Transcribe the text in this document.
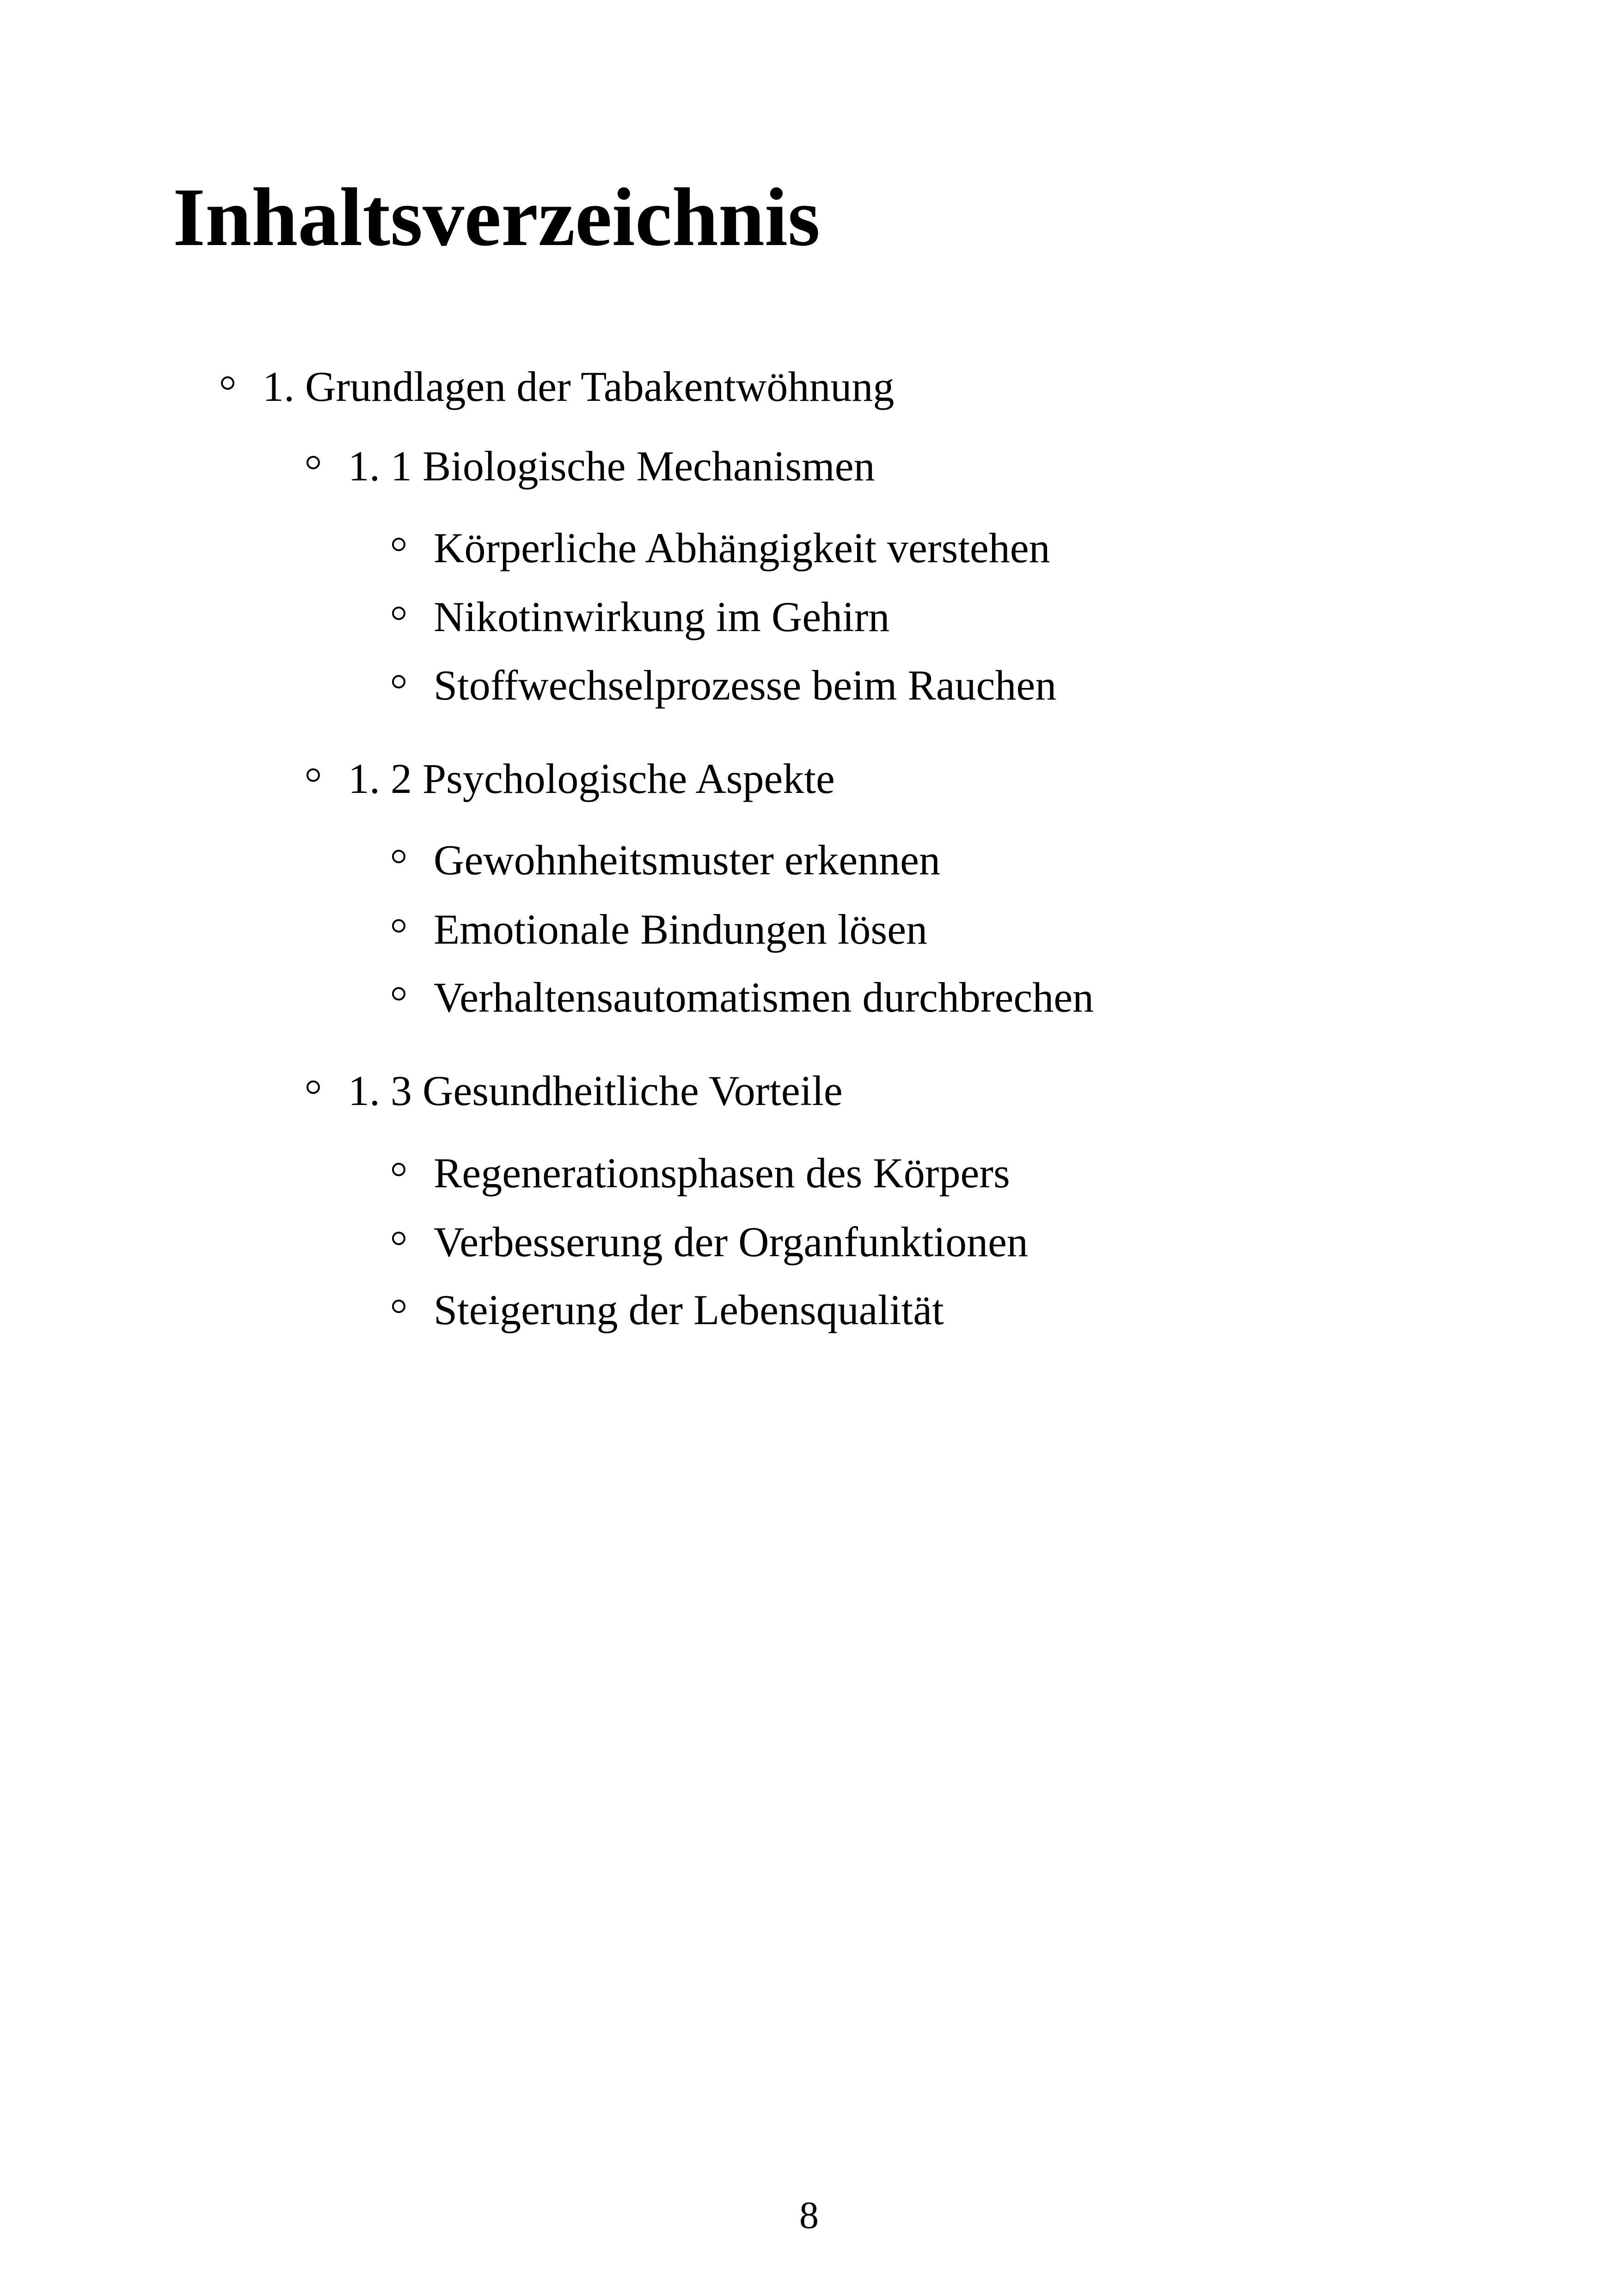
Inhaltsverzeichnis
1. Grundlagen der Tabakentwöhnung
1. 1 Biologische Mechanismen
Körperliche Abhängigkeit verstehen
Nikotinwirkung im Gehirn
Stoffwechselprozesse beim Rauchen
1. 2 Psychologische Aspekte
Gewohnheitsmuster erkennen
Emotionale Bindungen lösen
Verhaltensautomatismen durchbrechen
1. 3 Gesundheitliche Vorteile
Regenerationsphasen des Körpers
Verbesserung der Organfunktionen
Steigerung der Lebensqualität
8
